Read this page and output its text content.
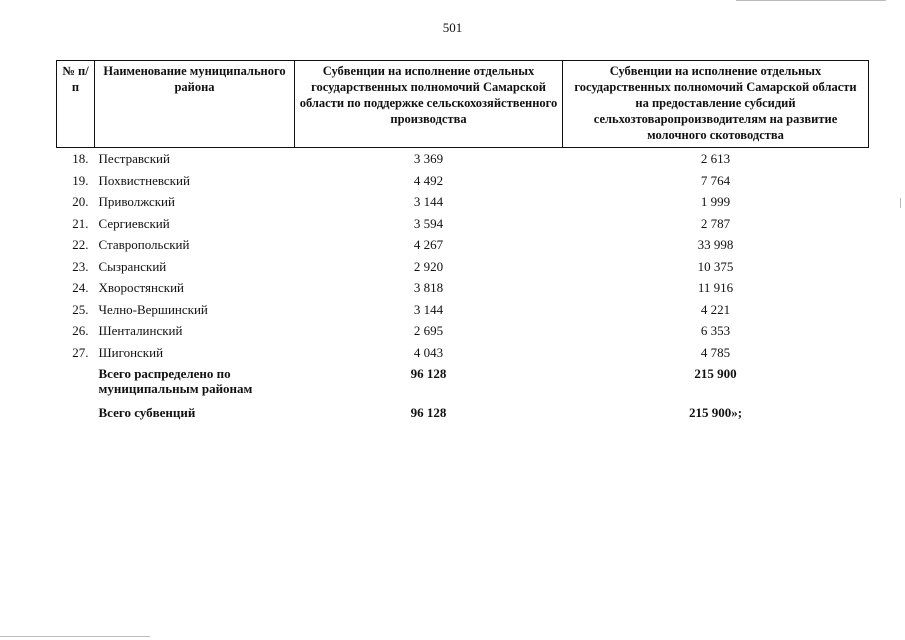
501
№ п/п	Наименование муниципального района	Субвенции на исполнение отдельных государственных полномочий Самарской области по поддержке сельскохозяйственного производства	Субвенции на исполнение отдельных государственных полномочий Самарской области на предоставление субсидий сельхозтоваропроизводителям на развитие молочного скотоводства
18.	Пестравский	3 369	2 613
19.	Похвистневский	4 492	7 764
20.	Приволжский	3 144	1 999
21.	Сергиевский	3 594	2 787
22.	Ставропольский	4 267	33 998
23.	Сызранский	2 920	10 375
24.	Хворостянский	3 818	11 916
25.	Челно-Вершинский	3 144	4 221
26.	Шенталинский	2 695	6 353
27.	Шигонский	4 043	4 785
	Всего распределено по муниципальным районам	96 128	215 900
	Всего субвенций	96 128	215 900»;
